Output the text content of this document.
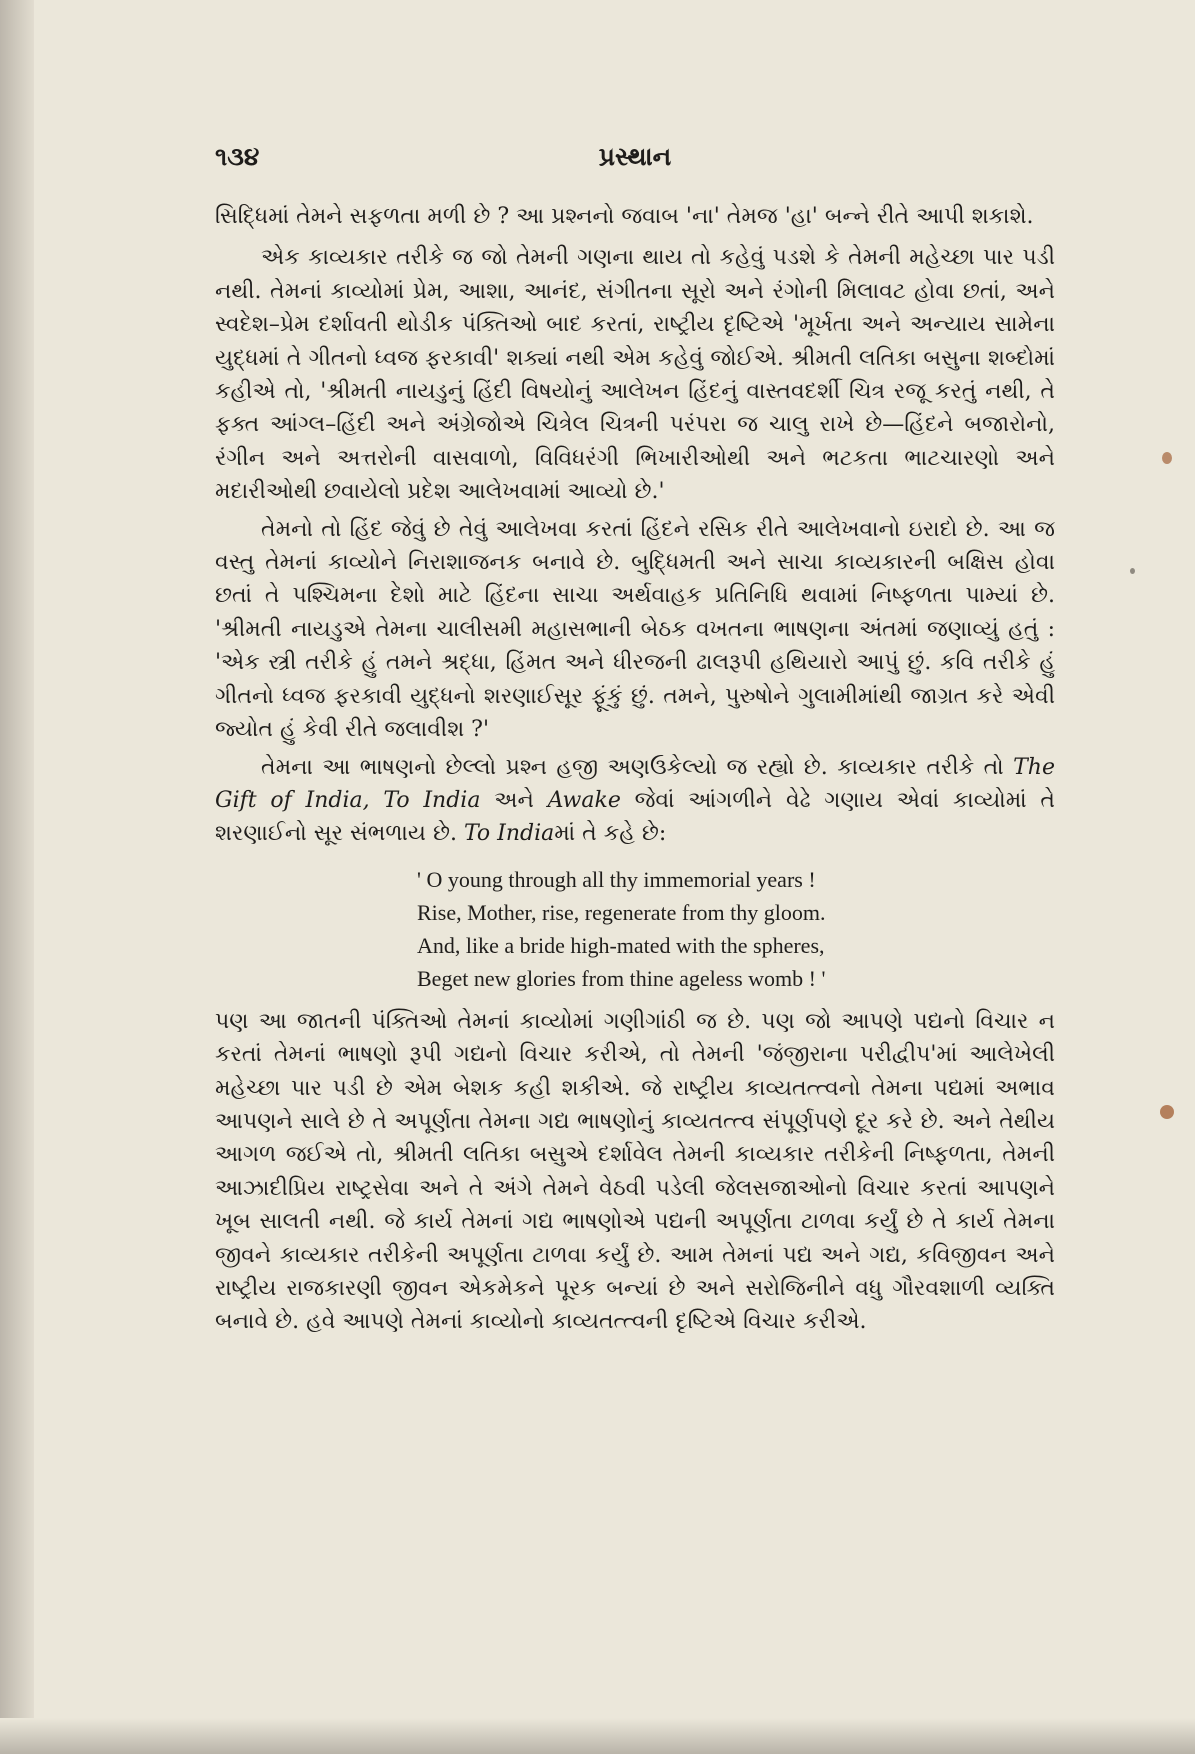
૧૩૪	પ્રસ્થાન

સિદ્ધિમાં તેમને સફળતા મળી છે ? આ પ્રશ્નનો જવાબ 'ના' તેમજ 'હા' બન્ને રીતે આપી શકાશે.

એક કાવ્યકાર તરીકે જ જો તેમની ગણના થાય તો કહેવું પડશે કે તેમની મહેચ્છા પાર પડી નથી. તેમનાં કાવ્યોમાં પ્રેમ, આશા, આનંદ, સંગીતના સૂરો અને રંગોની મિલાવટ હોવા છતાં, અને સ્વદેશ–પ્રેમ દર્શાવતી થોડીક પંક્તિઓ બાદ કરતાં, રાષ્ટ્રીય દૃષ્ટિએ 'મૂર્ખતા અને અન્યાય સામેના યુદ્ધમાં તે ગીતનો ધ્વજ ફરકાવી' શક્યાં નથી એમ કહેવું જોઈએ. શ્રીમતી લતિકા બસુના શબ્દોમાં કહીએ તો, 'શ્રીમતી નાયડુનું હિંદી વિષયોનું આલેખન હિંદનું વાસ્તવદર્શી ચિત્ર રજૂ કરતું નથી, તે ફક્ત આંગ્લ–હિંદી અને અંગ્રેજોએ ચિત્રેલ ચિત્રની પરંપરા જ ચાલુ રાખે છે—હિંદને બજારોનો, રંગીન અને અત્તરોની વાસવાળો, વિવિધરંગી ભિખારીઓથી અને ભટકતા ભાટચારણો અને મદારીઓથી છવાયેલો પ્રદેશ આલેખવામાં આવ્યો છે.'

તેમનો તો હિંદ જેવું છે તેવું આલેખવા કરતાં હિંદને રસિક રીતે આલેખવાનો ઇરાદો છે. આ જ વસ્તુ તેમનાં કાવ્યોને નિરાશાજનક બનાવે છે. બુદ્ધિમતી અને સાચા કાવ્યકારની બક્ષિસ હોવા છતાં તે પશ્ચિમના દેશો માટે હિંદના સાચા અર્થવાહક પ્રતિનિધિ થવામાં નિષ્ફળતા પામ્યાં છે. 'શ્રીમતી નાયડુએ તેમના ચાલીસમી મહાસભાની બેઠક વખતના ભાષણના અંતમાં જણાવ્યું હતું : 'એક સ્ત્રી તરીકે હું તમને શ્રદ્ધા, હિંમત અને ધીરજની ઢાલરૂપી હથિયારો આપું છું. કવિ તરીકે હું ગીતનો ધ્વજ ફરકાવી યુદ્ધનો શરણાઈસૂર ફૂંકું છું. તમને, પુરુષોને ગુલામીમાંથી જાગ્રત કરે એવી જ્યોત હું કેવી રીતે જલાવીશ ?'

તેમના આ ભાષણનો છેલ્લો પ્રશ્ન હજી અણઉકેલ્યો જ રહ્યો છે. કાવ્યકાર તરીકે તો The Gift of India, To India અને Awake જેવાં આંગળીને વેઢે ગણાય એવાં કાવ્યોમાં તે શરણાઈનો સૂર સંભળાય છે. To Indiaમાં તે કહે છે:

' O young through all thy immemorial years !
Rise, Mother, rise, regenerate from thy gloom.
And, like a bride high-mated with the spheres,
Beget new glories from thine ageless womb ! '

પણ આ જાતની પંક્તિઓ તેમનાં કાવ્યોમાં ગણીગાંઠી જ છે. પણ જો આપણે પદ્યનો વિચાર ન કરતાં તેમનાં ભાષણો રૂપી ગદ્યનો વિચાર કરીએ, તો તેમની 'જંજીરાના પરીદ્વીપ'માં આલેખેલી મહેચ્છા પાર પડી છે એમ બેશક કહી શકીએ. જે રાષ્ટ્રીય કાવ્યતત્ત્વનો તેમના પદ્યમાં અભાવ આપણને સાલે છે તે અપૂર્ણતા તેમના ગદ્ય ભાષણોનું કાવ્યતત્ત્વ સંપૂર્ણપણે દૂર કરે છે. અને તેથીય આગળ જઈએ તો, શ્રીમતી લતિકા બસુએ દર્શાવેલ તેમની કાવ્યકાર તરીકેની નિષ્ફળતા, તેમની આઝાદીપ્રિય રાષ્ટ્રસેવા અને તે અંગે તેમને વેઠવી પડેલી જેલસજાઓનો વિચાર કરતાં આપણને ખૂબ સાલતી નથી. જે કાર્ય તેમનાં ગદ્ય ભાષણોએ પદ્યની અપૂર્ણતા ટાળવા કર્યું છે તે કાર્ય તેમના જીવને કાવ્યકાર તરીકેની અપૂર્ણતા ટાળવા કર્યું છે. આમ તેમનાં પદ્ય અને ગદ્ય, કવિજીવન અને રાષ્ટ્રીય રાજકારણી જીવન એકમેકને પૂરક બન્યાં છે અને સરોજિનીને વધુ ગૌરવશાળી વ્યક્તિ બનાવે છે. હવે આપણે તેમનાં કાવ્યોનો કાવ્યતત્ત્વની દૃષ્ટિએ વિચાર કરીએ.
